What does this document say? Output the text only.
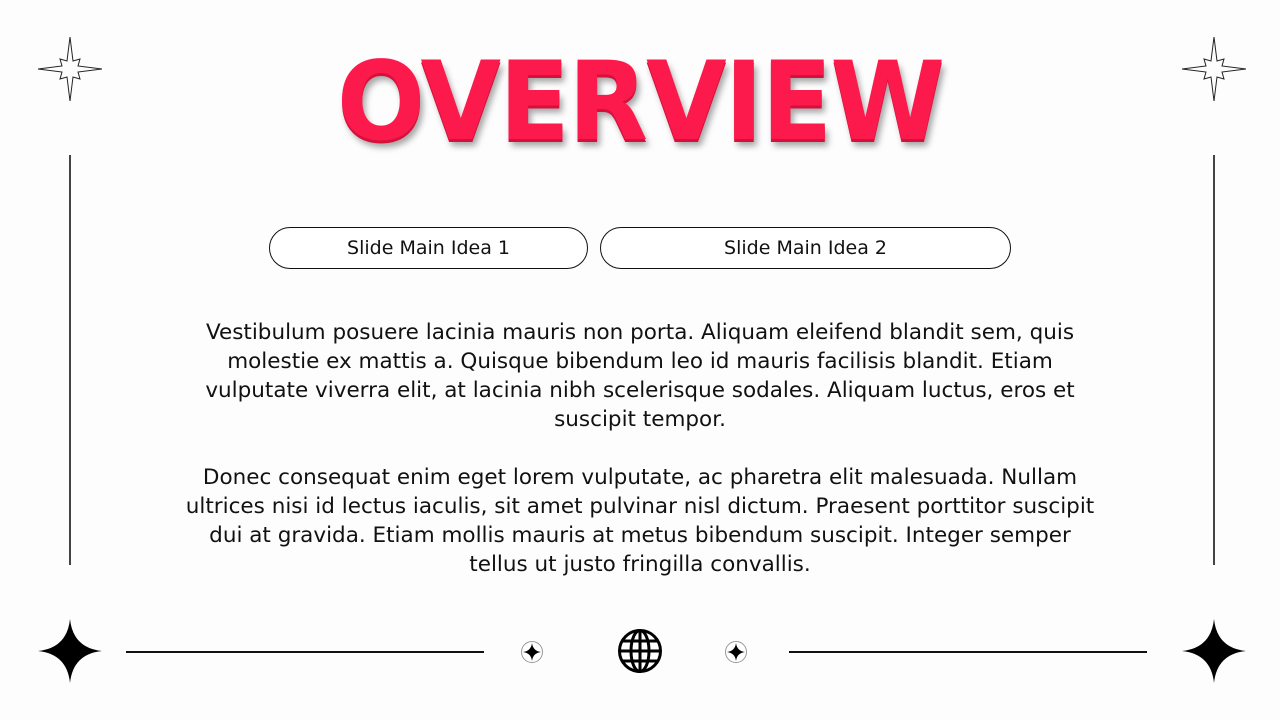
OVERVIEW
Slide Main Idea 1	Slide Main Idea 2

Vestibulum posuere lacinia mauris non porta. Aliquam eleifend blandit sem, quis molestie ex mattis a. Quisque bibendum leo id mauris facilisis blandit. Etiam vulputate viverra elit, at lacinia nibh scelerisque sodales. Aliquam luctus, eros et suscipit tempor.

Donec consequat enim eget lorem vulputate, ac pharetra elit malesuada. Nullam ultrices nisi id lectus iaculis, sit amet pulvinar nisl dictum. Praesent porttitor suscipit dui at gravida. Etiam mollis mauris at metus bibendum suscipit. Integer semper tellus ut justo fringilla convallis.
